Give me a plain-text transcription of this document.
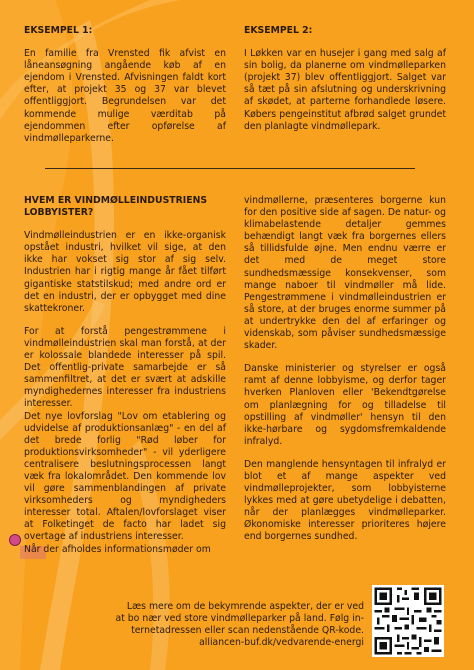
EKSEMPEL 1:

En familie fra Vrensted fik afvist en låneansøgning angående køb af en ejendom i Vrensted. Afvisningen faldt kort efter, at projekt 35 og 37 var blevet offentliggjort. Begrundelsen var det kommende mulige værditab på ejendommen efter opførelse af vindmølleparkerne.

EKSEMPEL 2:

I Løkken var en husejer i gang med salg af sin bolig, da planerne om vindmølleparken (projekt 37) blev offentliggjort. Salget var så tæt på sin afslutning og underskrivning af skødet, at parterne forhandlede løsere. Købers pengeinstitut afbrød salget grundet den planlagte vindmøllepark.

HVEM ER VINDMØLLEINDUSTRIENS LOBBYISTER?

Vindmølleindustrien er en ikke-organisk opstået industri, hvilket vil sige, at den ikke har vokset sig stor af sig selv. Industrien har i rigtig mange år fået tilført gigantiske statstilskud; med andre ord er det en industri, der er opbygget med dine skattekroner.

For at forstå pengestrømmene i vindmølleindustrien skal man forstå, at der er kolossale blandede interesser på spil. Det offentlig-private samarbejde er så sammenfiltret, at det er svært at adskille myndighedernes interesser fra industriens interesser.

Det nye lovforslag "Lov om etablering og udvidelse af produktionsanlæg" - en del af det brede forlig "Rød løber for produktionsvirksomheder" - vil yderligere centralisere beslutningsprocessen langt væk fra lokalområdet. Den kommende lov vil gøre sammenblandingen af private virksomheders og myndigheders interesser total. Aftalen/lovforslaget viser at Folketinget de facto har ladet sig overtage af industriens interesser.

Når der afholdes informationsmøder om

vindmøllerne, præsenteres borgerne kun for den positive side af sagen. De natur- og klimabelastende detaljer gemmes behændigt langt væk fra borgernes ellers så tillidsfulde øjne. Men endnu værre er det med de meget store sundhedsmæssige konsekvenser, som mange naboer til vindmøller må lide. Pengestrømmene i vindmølleindustrien er så store, at der bruges enorme summer på at undertrykke den del af erfaringer og videnskab, som påviser sundhedsmæssige skader.

Danske ministerier og styrelser er også ramt af denne lobbyisme, og derfor tager hverken Planloven eller 'Bekendtgørelse om planlægning for og tilladelse til opstilling af vindmøller' hensyn til den ikke-hørbare og sygdomsfremkaldende infralyd.

Den manglende hensyntagen til infralyd er blot et af mange aspekter ved vindmølleprojekter, som lobbyisterne lykkes med at gøre ubetydelige i debatten, når der planlægges vindmølleparker. Økonomiske interesser prioriteres højere end borgernes sundhed.

Læs mere om de bekymrende aspekter, der er ved
at bo nær ved store vindmølleparker på land. Følg in-
ternetadressen eller scan nedenstående QR-kode.
alliancen-buf.dk/vedvarende-energi
